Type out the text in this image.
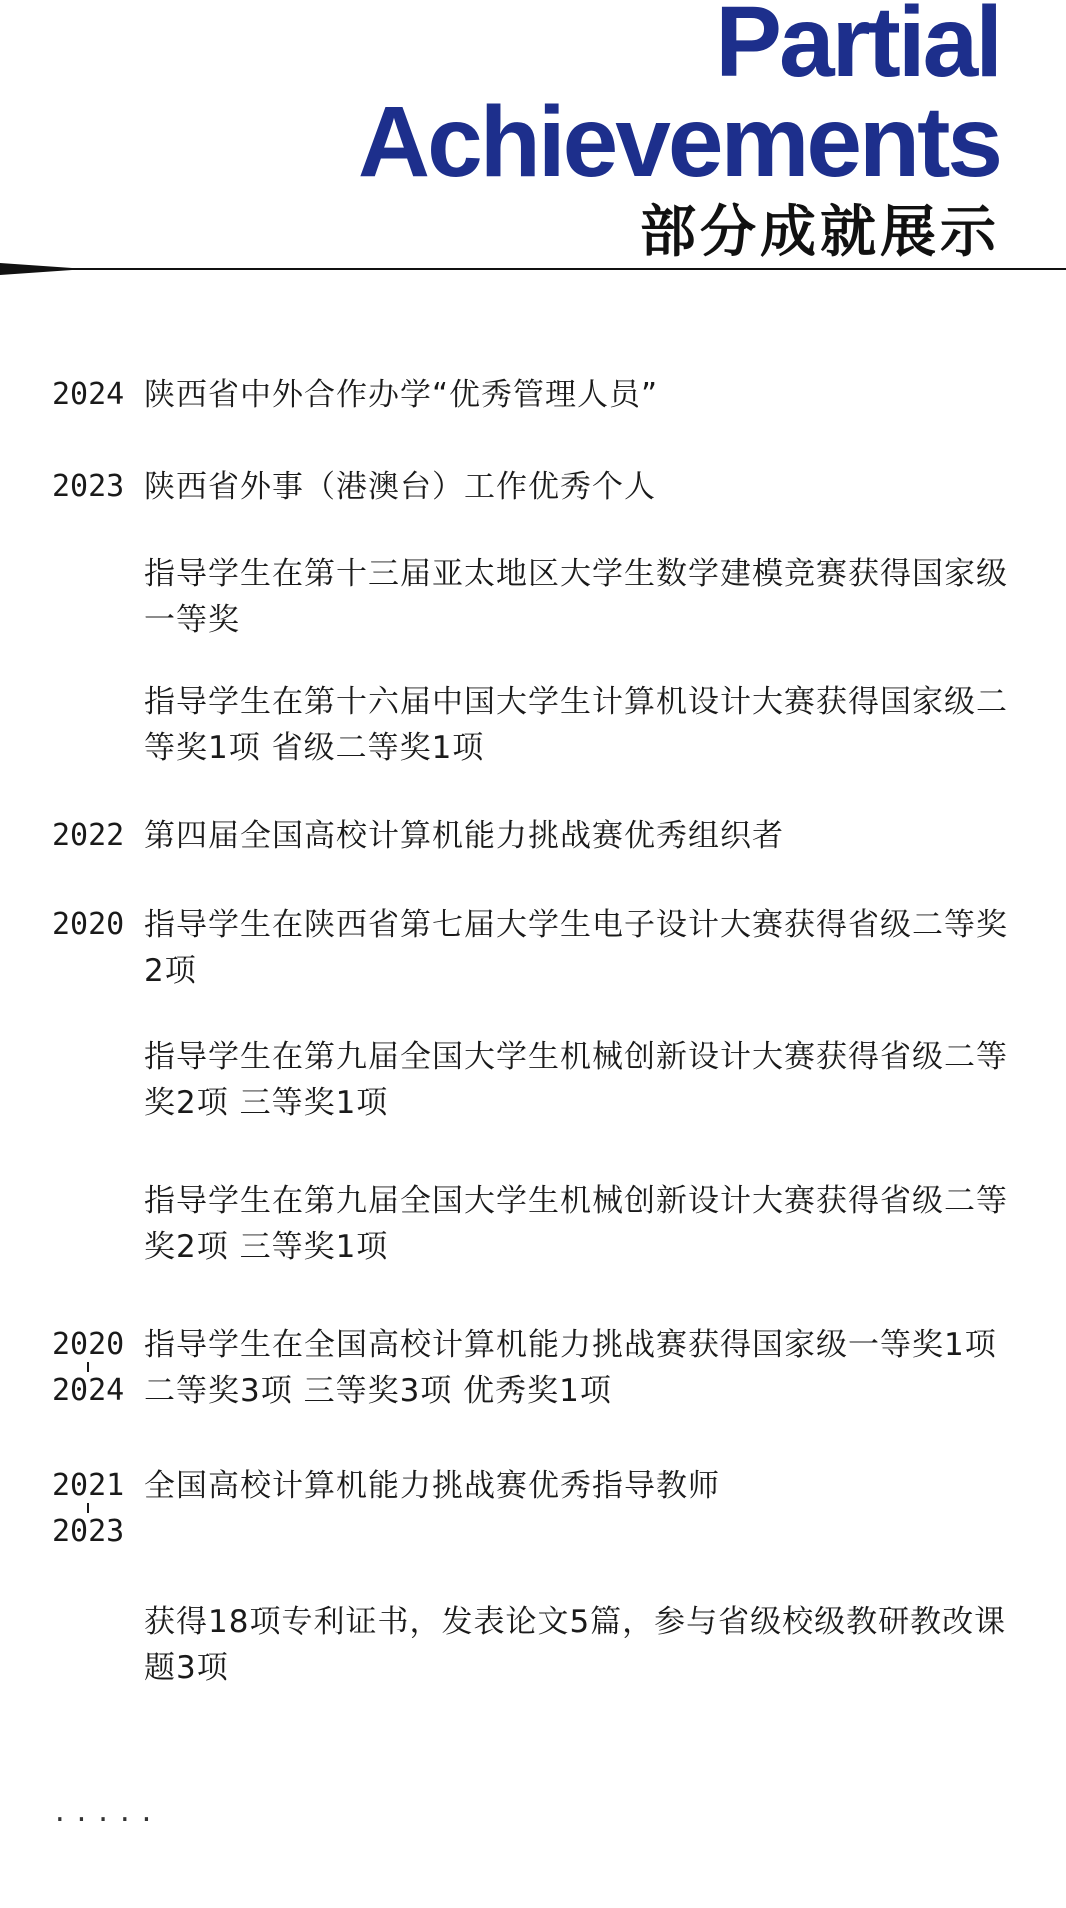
Partial
Achievements
部分成就展示
2024 陕西省中外合作办学“优秀管理人员”
2023 陕西省外事（港澳台）工作优秀个人
指导学生在第十三届亚太地区大学生数学建模竞赛获得国家级一等奖
指导学生在第十六届中国大学生计算机设计大赛获得国家级二等奖1项 省级二等奖1项
2022 第四届全国高校计算机能力挑战赛优秀组织者
2020 指导学生在陕西省第七届大学生电子设计大赛获得省级二等奖2项
指导学生在第九届全国大学生机械创新设计大赛获得省级二等奖2项 三等奖1项
指导学生在第九届全国大学生机械创新设计大赛获得省级二等奖2项 三等奖1项
2020
2024
指导学生在全国高校计算机能力挑战赛获得国家级一等奖1项 二等奖3项 三等奖3项 优秀奖1项
2021
2023
全国高校计算机能力挑战赛优秀指导教师
获得18项专利证书，发表论文5篇，参与省级校级教研教改课题3项
.....
